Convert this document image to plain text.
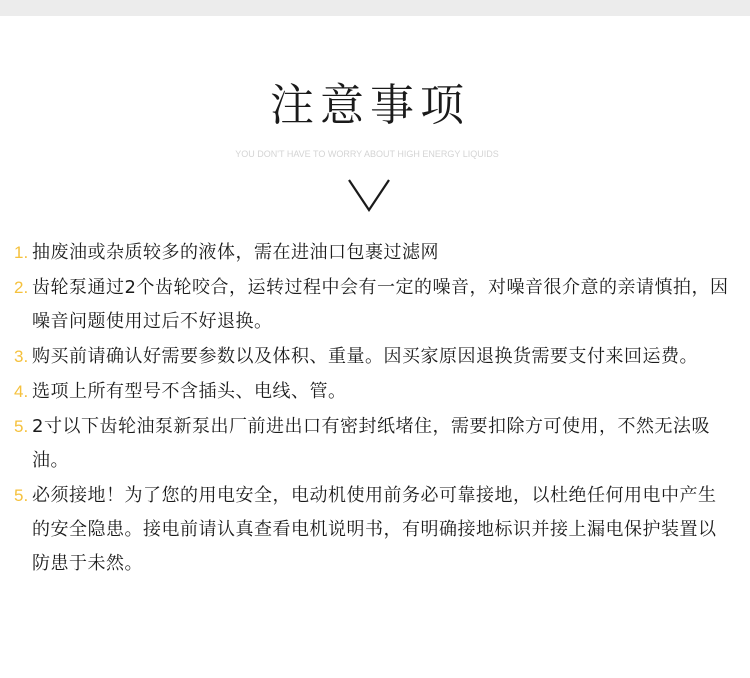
注意事项
YOU DON'T HAVE TO WORRY ABOUT HIGH ENERGY LIQUIDS
1. 抽废油或杂质较多的液体，需在进油口包裹过滤网
2. 齿轮泵通过2个齿轮咬合，运转过程中会有一定的噪音，对噪音很介意的亲请慎拍，因噪音问题使用过后不好退换。
3. 购买前请确认好需要参数以及体积、重量。因买家原因退换货需要支付来回运费。
4. 选项上所有型号不含插头、电线、管。
5. 2寸以下齿轮油泵新泵出厂前进出口有密封纸堵住，需要扣除方可使用，不然无法吸油。
5. 必须接地！为了您的用电安全，电动机使用前务必可靠接地，以杜绝任何用电中产生的安全隐患。接电前请认真查看电机说明书，有明确接地标识并接上漏电保护装置以防患于未然。
